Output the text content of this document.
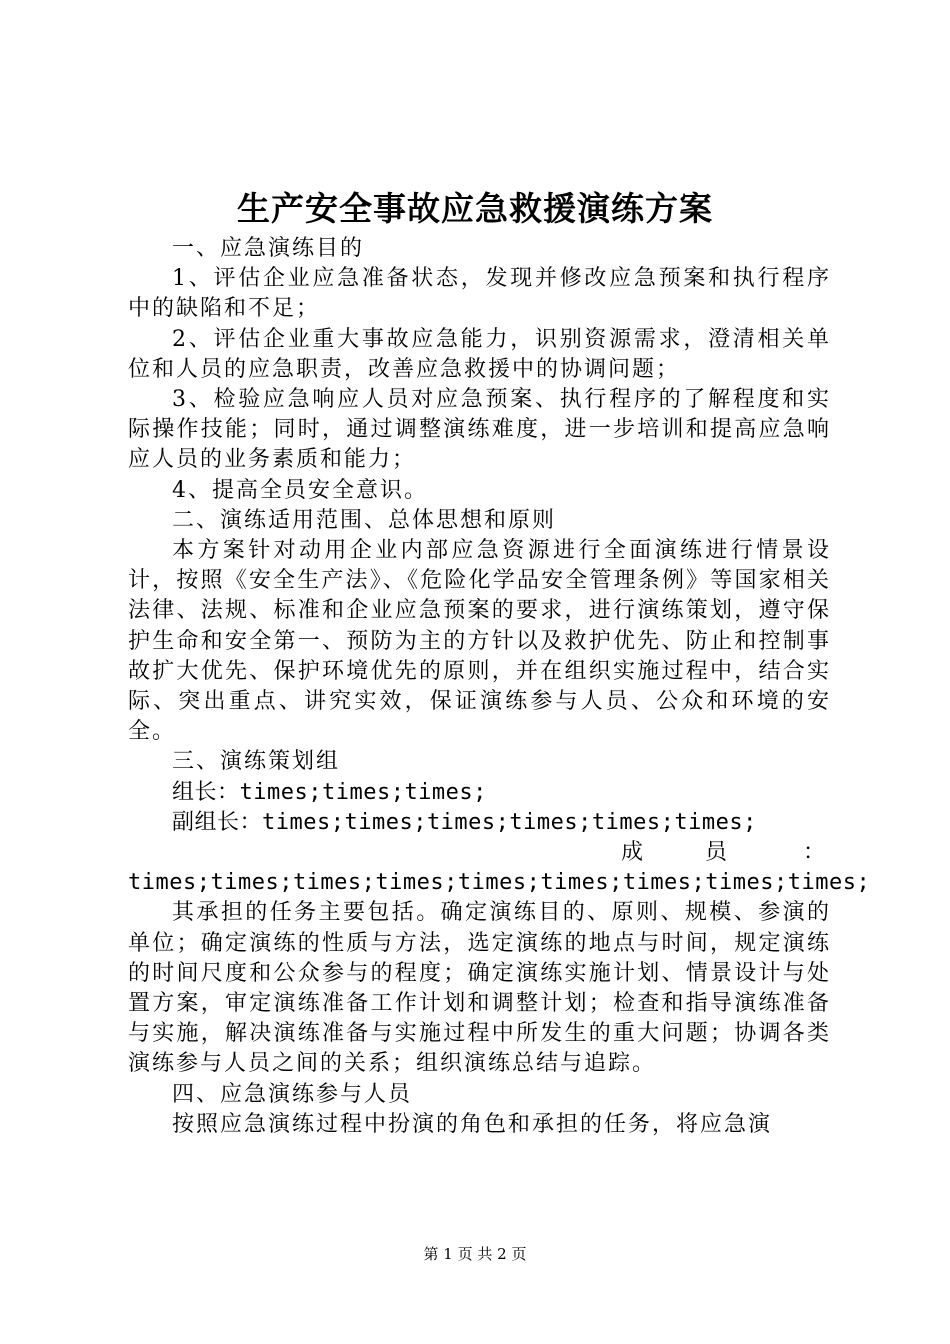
生产安全事故应急救援演练方案

一、应急演练目的

1、评估企业应急准备状态，发现并修改应急预案和执行程序中的缺陷和不足；

2、评估企业重大事故应急能力，识别资源需求，澄清相关单位和人员的应急职责，改善应急救援中的协调问题；

3、检验应急响应人员对应急预案、执行程序的了解程度和实际操作技能；同时，通过调整演练难度，进一步培训和提高应急响应人员的业务素质和能力；

4、提高全员安全意识。

二、演练适用范围、总体思想和原则

本方案针对动用企业内部应急资源进行全面演练进行情景设计，按照《安全生产法》、《危险化学品安全管理条例》等国家相关法律、法规、标准和企业应急预案的要求，进行演练策划，遵守保护生命和安全第一、预防为主的方针以及救护优先、防止和控制事故扩大优先、保护环境优先的原则，并在组织实施过程中，结合实际、突出重点、讲究实效，保证演练参与人员、公众和环境的安全。

三、演练策划组

组长：times;times;times;

副组长：times;times;times;times;times;times;

成	员	：
times;times;times;times;times;times;times;times;times;

其承担的任务主要包括。确定演练目的、原则、规模、参演的单位；确定演练的性质与方法，选定演练的地点与时间，规定演练的时间尺度和公众参与的程度；确定演练实施计划、情景设计与处置方案，审定演练准备工作计划和调整计划；检查和指导演练准备与实施，解决演练准备与实施过程中所发生的重大问题；协调各类演练参与人员之间的关系；组织演练总结与追踪。

四、应急演练参与人员

按照应急演练过程中扮演的角色和承担的任务，将应急演

第 1 页 共 2 页
